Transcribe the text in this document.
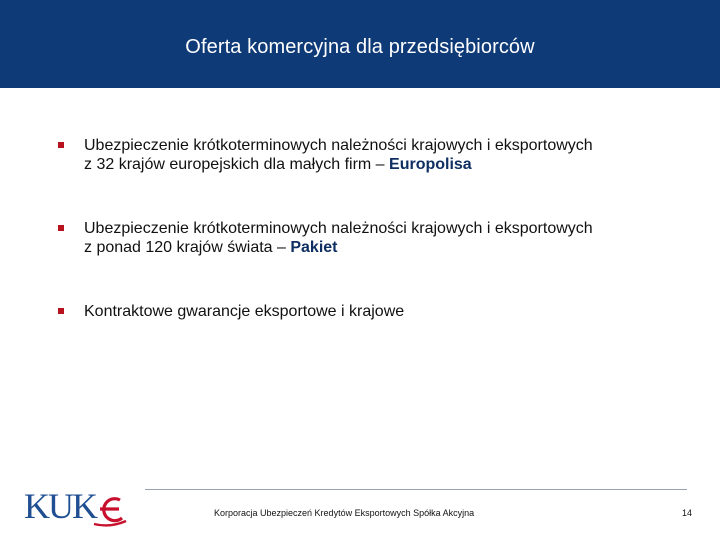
Oferta komercyjna dla przedsiębiorców
Ubezpieczenie krótkoterminowych należności krajowych i eksportowych
z 32 krajów europejskich dla małych firm – Europolisa
Ubezpieczenie krótkoterminowych należności krajowych i eksportowych
z ponad 120 krajów świata – Pakiet
Kontraktowe gwarancje eksportowe i krajowe
KUK	Korporacja Ubezpieczeń Kredytów Eksportowych Spółka Akcyjna	14
